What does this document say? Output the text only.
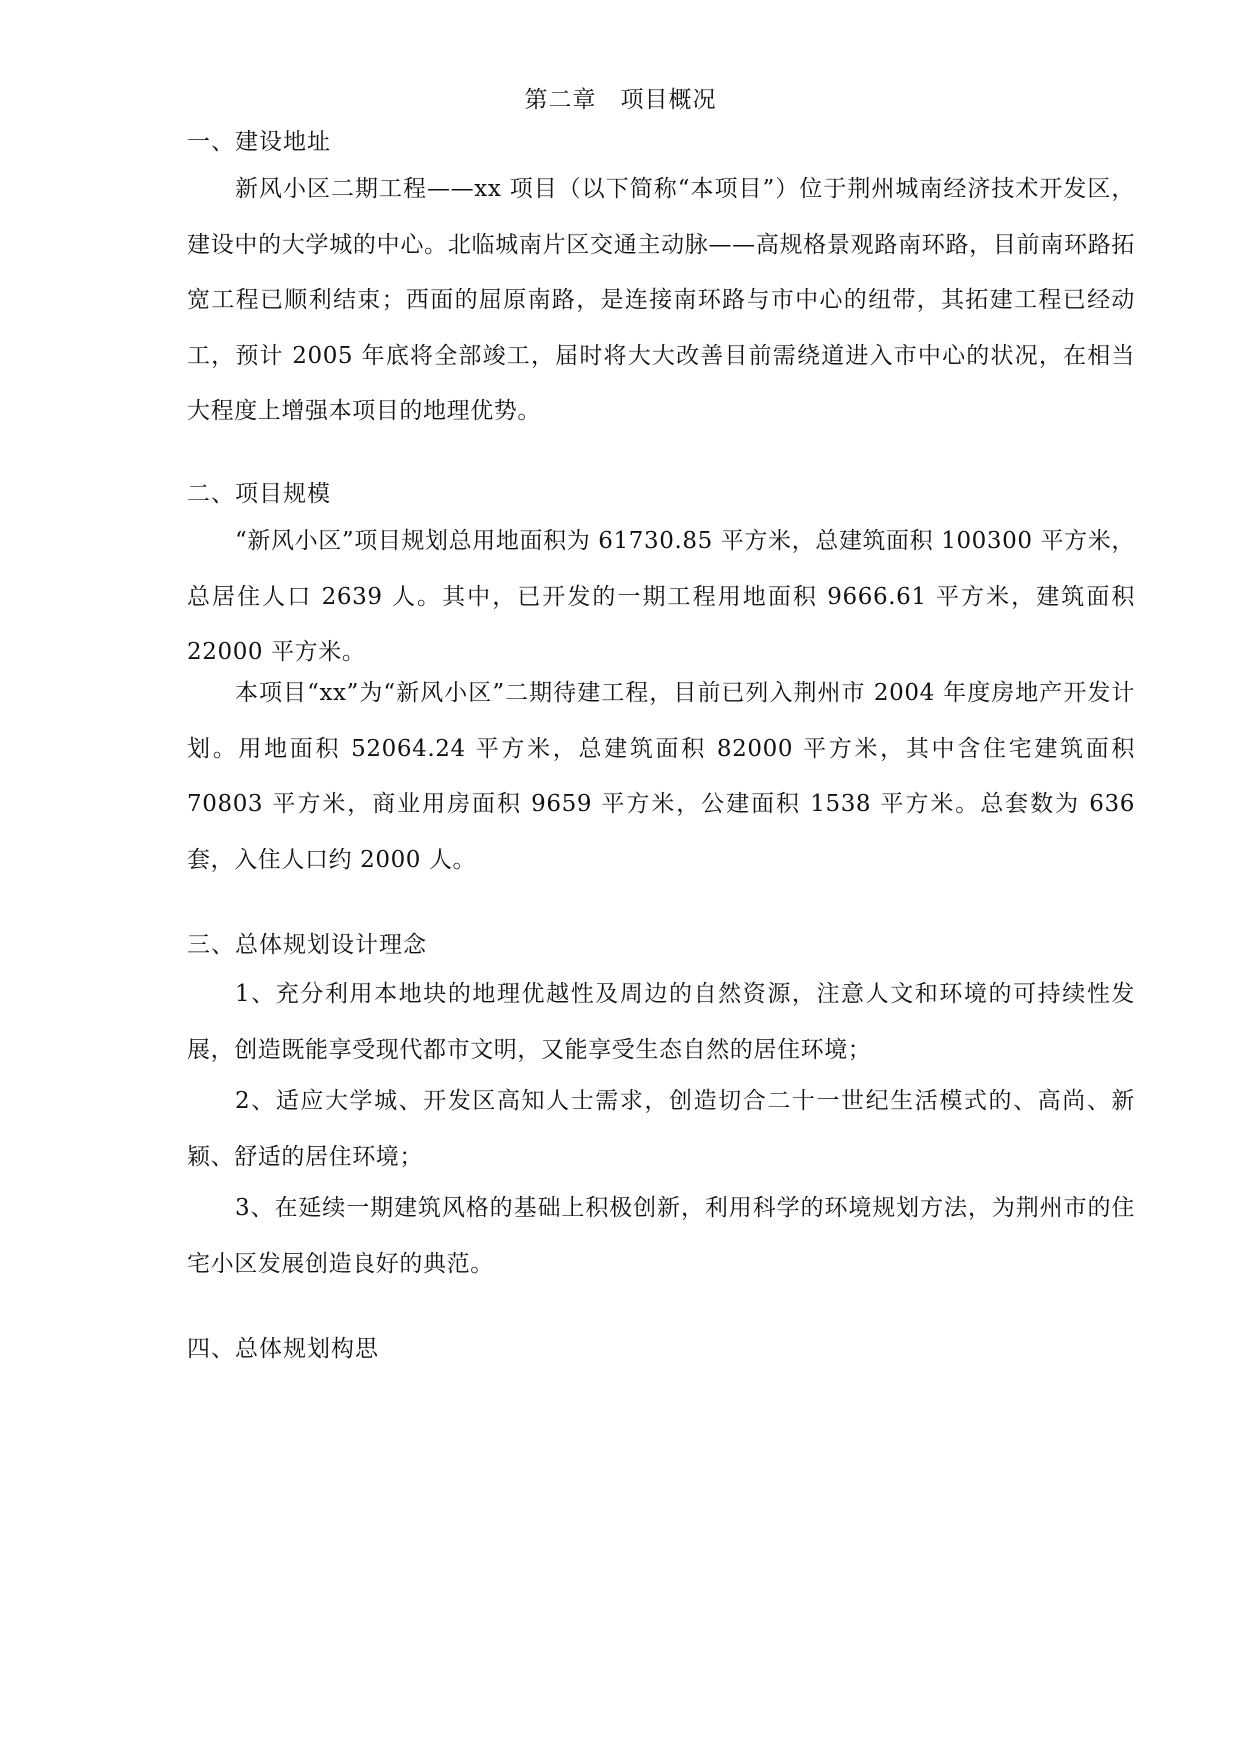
第二章　项目概况
一、建设地址

新风小区二期工程——xx 项目（以下简称“本项目”）位于荆州城南经济技术开发区，建设中的大学城的中心。北临城南片区交通主动脉——高规格景观路南环路，目前南环路拓宽工程已顺利结束；西面的屈原南路，是连接南环路与市中心的纽带，其拓建工程已经动工，预计 2005 年底将全部竣工，届时将大大改善目前需绕道进入市中心的状况，在相当大程度上增强本项目的地理优势。

二、项目规模

“新风小区”项目规划总用地面积为 61730.85 平方米，总建筑面积 100300 平方米，总居住人口 2639 人。其中，已开发的一期工程用地面积 9666.61 平方米，建筑面积 22000 平方米。

本项目“xx”为“新风小区”二期待建工程，目前已列入荆州市 2004 年度房地产开发计划。用地面积 52064.24 平方米，总建筑面积 82000 平方米，其中含住宅建筑面积 70803 平方米，商业用房面积 9659 平方米，公建面积 1538 平方米。总套数为 636 套，入住人口约 2000 人。

三、总体规划设计理念

1、充分利用本地块的地理优越性及周边的自然资源，注意人文和环境的可持续性发展，创造既能享受现代都市文明，又能享受生态自然的居住环境；

2、适应大学城、开发区高知人士需求，创造切合二十一世纪生活模式的、高尚、新颖、舒适的居住环境；

3、在延续一期建筑风格的基础上积极创新，利用科学的环境规划方法，为荆州市的住宅小区发展创造良好的典范。

四、总体规划构思
